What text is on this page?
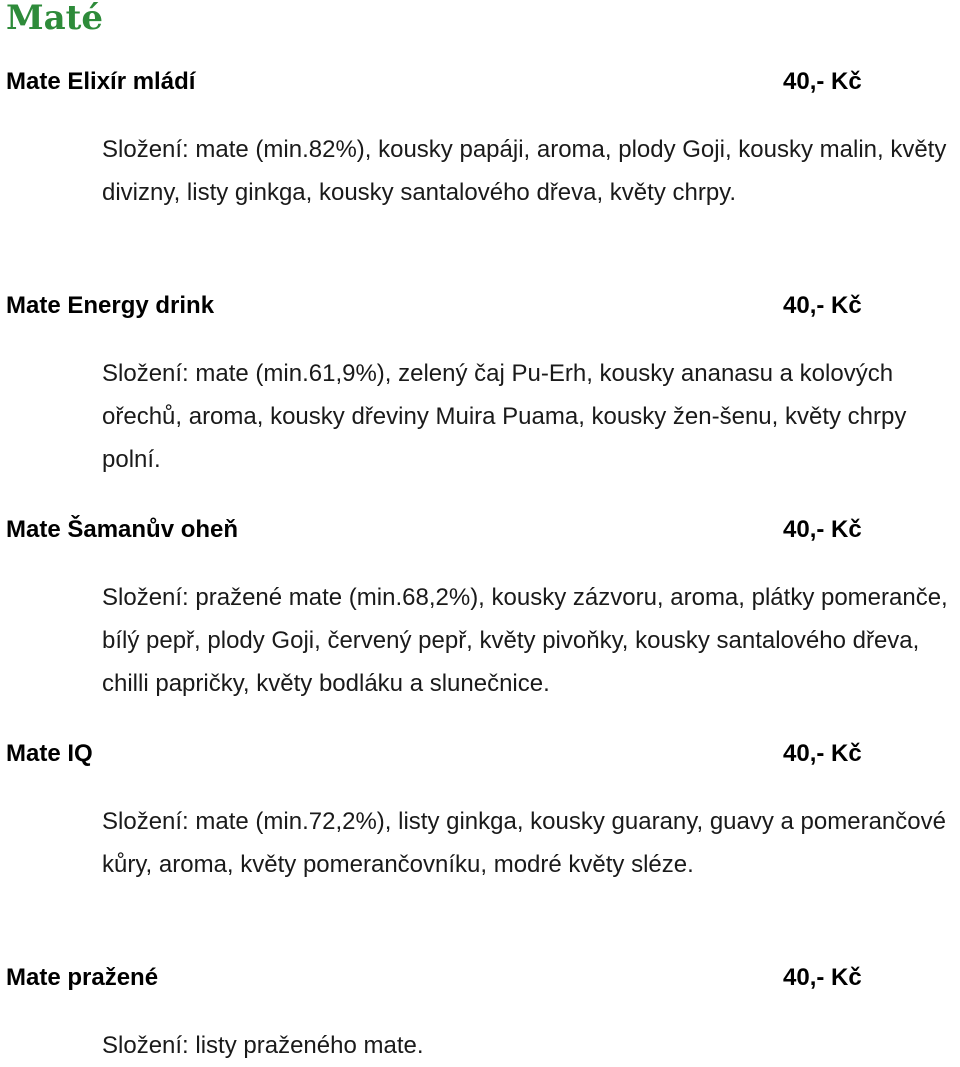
Maté
Mate Elixír mládí	40,- Kč

Složení: mate (min.82%), kousky papáji, aroma, plody Goji, kousky malin, květy divizny, listy ginkga, kousky santalového dřeva, květy chrpy.

Mate Energy drink	40,- Kč

Složení: mate (min.61,9%), zelený čaj Pu-Erh, kousky ananasu a kolových ořechů, aroma, kousky dřeviny Muira Puama, kousky žen-šenu, květy chrpy polní.

Mate Šamanův oheň	40,- Kč

Složení: pražené mate (min.68,2%), kousky zázvoru, aroma, plátky pomeranče, bílý pepř, plody Goji, červený pepř, květy pivoňky, kousky santalového dřeva, chilli papričky, květy bodláku a slunečnice.

Mate IQ	40,- Kč

Složení: mate (min.72,2%), listy ginkga, kousky guarany, guavy a pomerančové kůry, aroma, květy pomerančovníku, modré květy sléze.

Mate pražené	40,- Kč

Složení: listy praženého mate.
